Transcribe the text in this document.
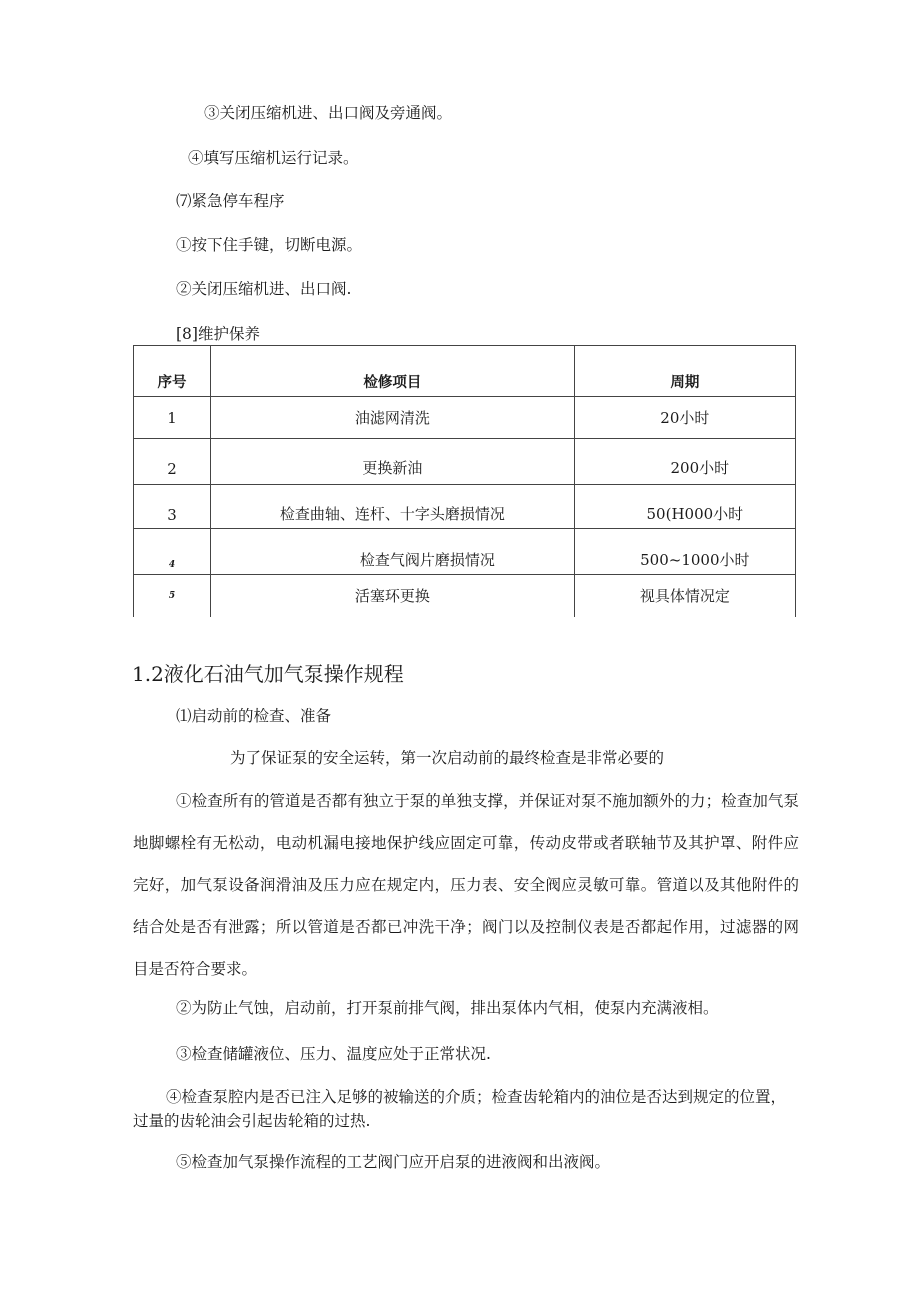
③关闭压缩机进、出口阀及旁通阀。
④填写压缩机运行记录。
⑺紧急停车程序
①按下住手键，切断电源。
②关闭压缩机进、出口阀.
[8]维护保养
序号	检修项目	周期
1	油滤网清洗	20小时
2	更换新油	200小时
3	检查曲轴、连杆、十字头磨损情况	50(H000小时
4	检查气阀片磨损情况	500~1000小时
5	活塞环更换	视具体情况定
1.2液化石油气加气泵操作规程
⑴启动前的检查、准备
为了保证泵的安全运转，第一次启动前的最终检查是非常必要的
①检查所有的管道是否都有独立于泵的单独支撑，并保证对泵不施加额外的力；检查加气泵地脚螺栓有无松动，电动机漏电接地保护线应固定可靠，传动皮带或者联轴节及其护罩、附件应完好，加气泵设备润滑油及压力应在规定内，压力表、安全阀应灵敏可靠。管道以及其他附件的结合处是否有泄露；所以管道是否都已冲洗干净；阀门以及控制仪表是否都起作用，过滤器的网目是否符合要求。
②为防止气蚀，启动前，打开泵前排气阀，排出泵体内气相，使泵内充满液相。
③检查储罐液位、压力、温度应处于正常状况.
④检查泵腔内是否已注入足够的被输送的介质；检查齿轮箱内的油位是否达到规定的位置，过量的齿轮油会引起齿轮箱的过热.
⑤检查加气泵操作流程的工艺阀门应开启泵的进液阀和出液阀。
